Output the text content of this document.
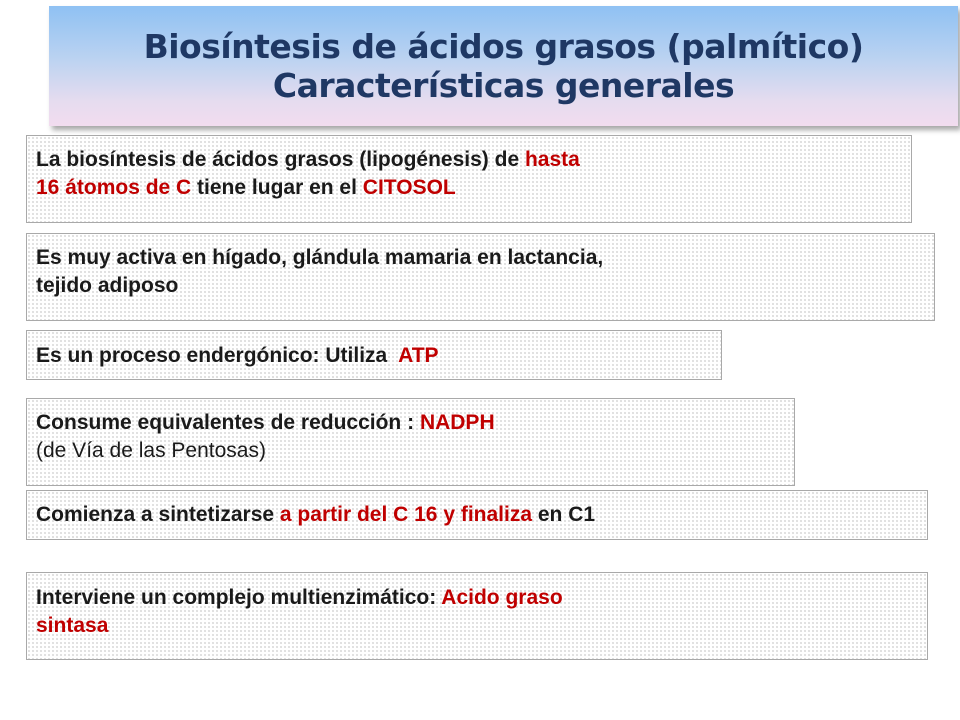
Biosíntesis de ácidos grasos (palmítico)
Características generales
La biosíntesis de ácidos grasos (lipogénesis) de hasta
16 átomos de C tiene lugar en el CITOSOL
Es muy activa en hígado, glándula mamaria en lactancia,
tejido adiposo
Es un proceso endergónico: Utiliza  ATP
Consume equivalentes de reducción : NADPH
(de Vía de las Pentosas)
Comienza a sintetizarse a partir del C 16 y finaliza en C1
Interviene un complejo multienzimático: Acido graso
sintasa
